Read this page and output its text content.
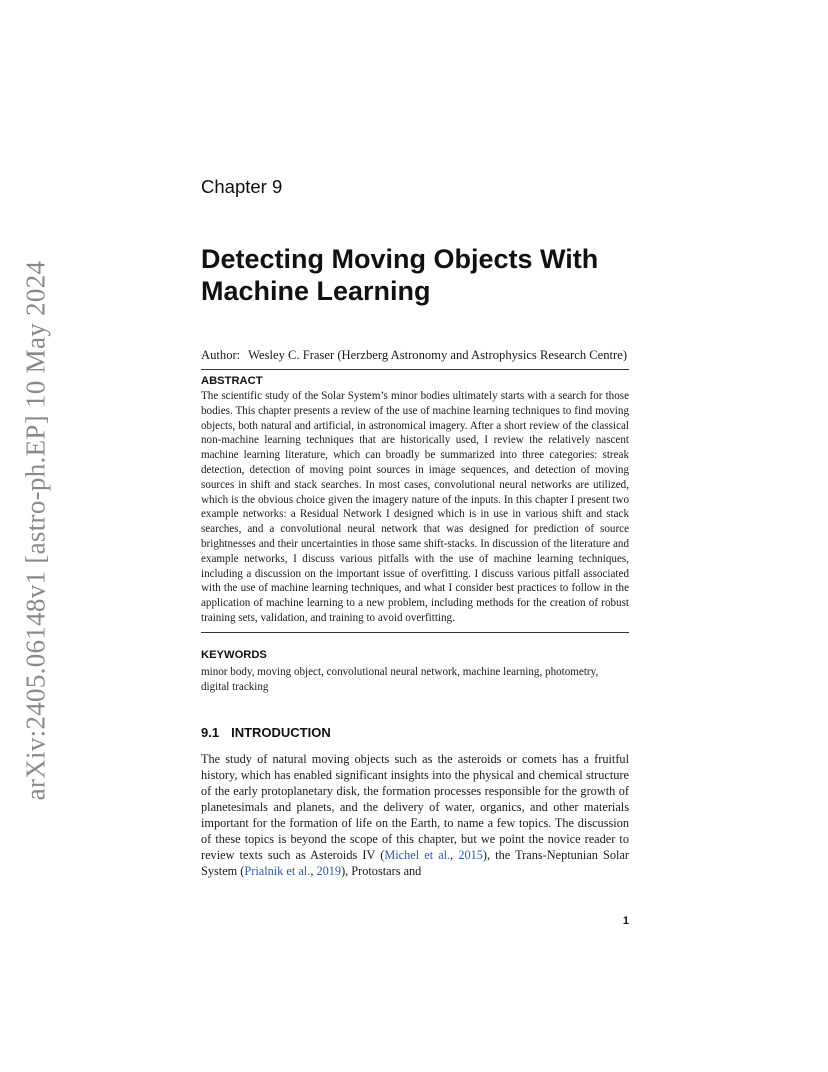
arXiv:2405.06148v1 [astro-ph.EP] 10 May 2024

Chapter 9

Detecting Moving Objects With
Machine Learning

Author: Wesley C. Fraser (Herzberg Astronomy and Astrophysics Research Centre)

ABSTRACT

The scientific study of the Solar System’s minor bodies ultimately starts with a search for those bodies. This chapter presents a review of the use of machine learning techniques to find moving objects, both natural and artificial, in astronomical imagery. After a short review of the classical non-machine learning techniques that are historically used, I review the relatively nascent machine learning literature, which can broadly be summarized into three categories: streak detection, detection of moving point sources in image sequences, and detection of moving sources in shift and stack searches. In most cases, convolutional neural networks are utilized, which is the obvious choice given the imagery nature of the inputs. In this chapter I present two example networks: a Residual Network I designed which is in use in various shift and stack searches, and a convolutional neural network that was designed for prediction of source brightnesses and their uncertainties in those same shift-stacks. In discussion of the literature and example networks, I discuss various pitfalls with the use of machine learning techniques, including a discussion on the important issue of overfitting. I discuss various pitfall associated with the use of machine learning techniques, and what I consider best practices to follow in the application of machine learning to a new problem, including methods for the creation of robust training sets, validation, and training to avoid overfitting.

KEYWORDS

minor body, moving object, convolutional neural network, machine learning, photometry, digital tracking

9.1 INTRODUCTION

The study of natural moving objects such as the asteroids or comets has a fruitful history, which has enabled significant insights into the physical and chemical structure of the early protoplanetary disk, the formation processes responsible for the growth of planetesimals and planets, and the delivery of water, organics, and other materials important for the formation of life on the Earth, to name a few topics. The discussion of these topics is beyond the scope of this chapter, but we point the novice reader to review texts such as Asteroids IV (Michel et al., 2015), the Trans-Neptunian Solar System (Prialnik et al., 2019), Protostars and

1
